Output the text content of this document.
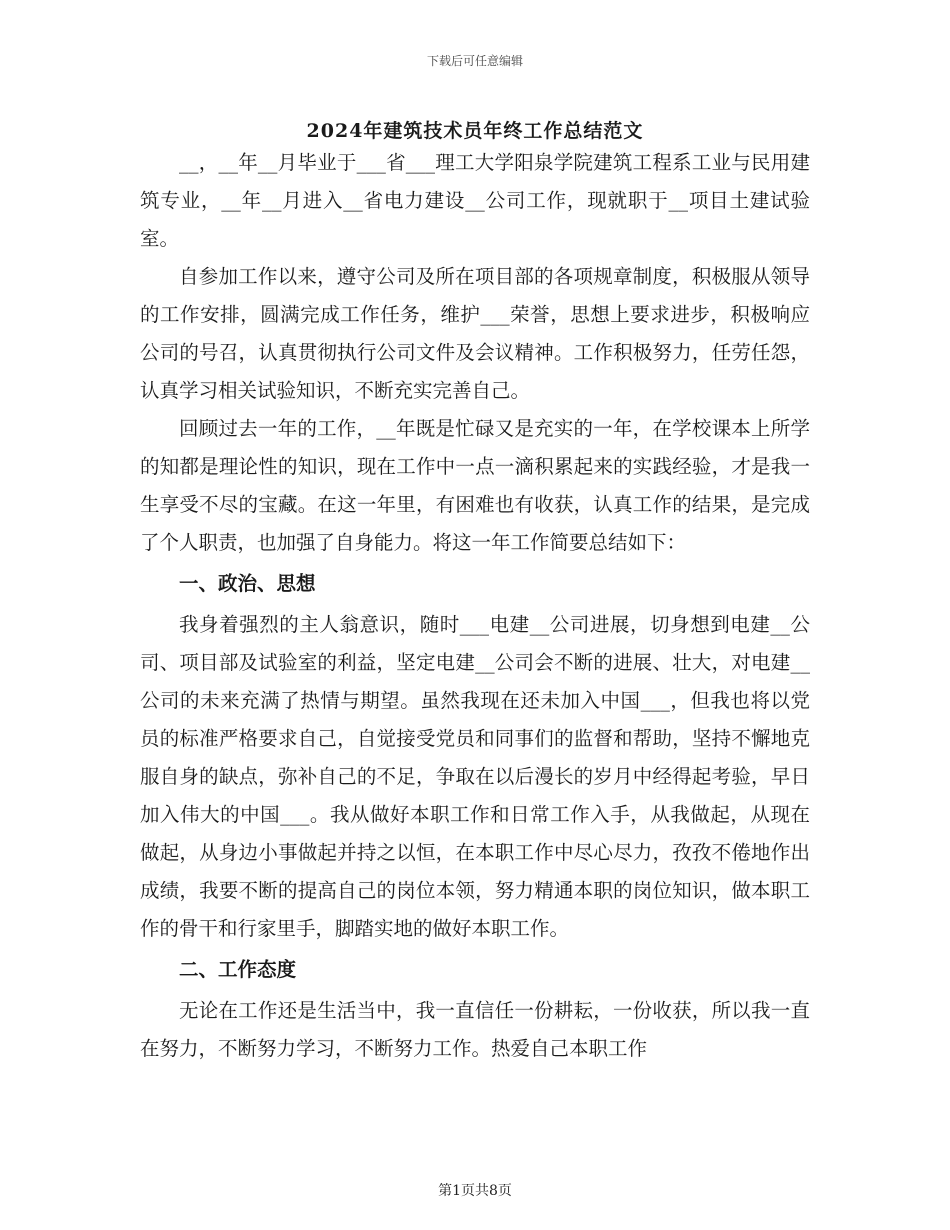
下载后可任意编辑
2024年建筑技术员年终工作总结范文

__，__年__月毕业于___省___理工大学阳泉学院建筑工程系工业与民用建筑专业，__年__月进入__省电力建设__公司工作，现就职于__项目土建试验室。

自参加工作以来，遵守公司及所在项目部的各项规章制度，积极服从领导的工作安排，圆满完成工作任务，维护___荣誉，思想上要求进步，积极响应公司的号召，认真贯彻执行公司文件及会议精神。工作积极努力，任劳任怨，认真学习相关试验知识，不断充实完善自己。

回顾过去一年的工作，__年既是忙碌又是充实的一年，在学校课本上所学的知都是理论性的知识，现在工作中一点一滴积累起来的实践经验，才是我一生享受不尽的宝藏。在这一年里，有困难也有收获，认真工作的结果，是完成了个人职责，也加强了自身能力。将这一年工作简要总结如下：

一、政治、思想

我身着强烈的主人翁意识，随时___电建__公司进展，切身想到电建__公司、项目部及试验室的利益，坚定电建__公司会不断的进展、壮大，对电建__公司的未来充满了热情与期望。虽然我现在还未加入中国___，但我也将以党员的标准严格要求自己，自觉接受党员和同事们的监督和帮助，坚持不懈地克服自身的缺点，弥补自己的不足，争取在以后漫长的岁月中经得起考验，早日加入伟大的中国___。我从做好本职工作和日常工作入手，从我做起，从现在做起，从身边小事做起并持之以恒，在本职工作中尽心尽力，孜孜不倦地作出成绩，我要不断的提高自己的岗位本领，努力精通本职的岗位知识，做本职工作的骨干和行家里手，脚踏实地的做好本职工作。

二、工作态度

无论在工作还是生活当中，我一直信任一份耕耘，一份收获，所以我一直在努力，不断努力学习，不断努力工作。热爱自己本职工作

第1页共8页
